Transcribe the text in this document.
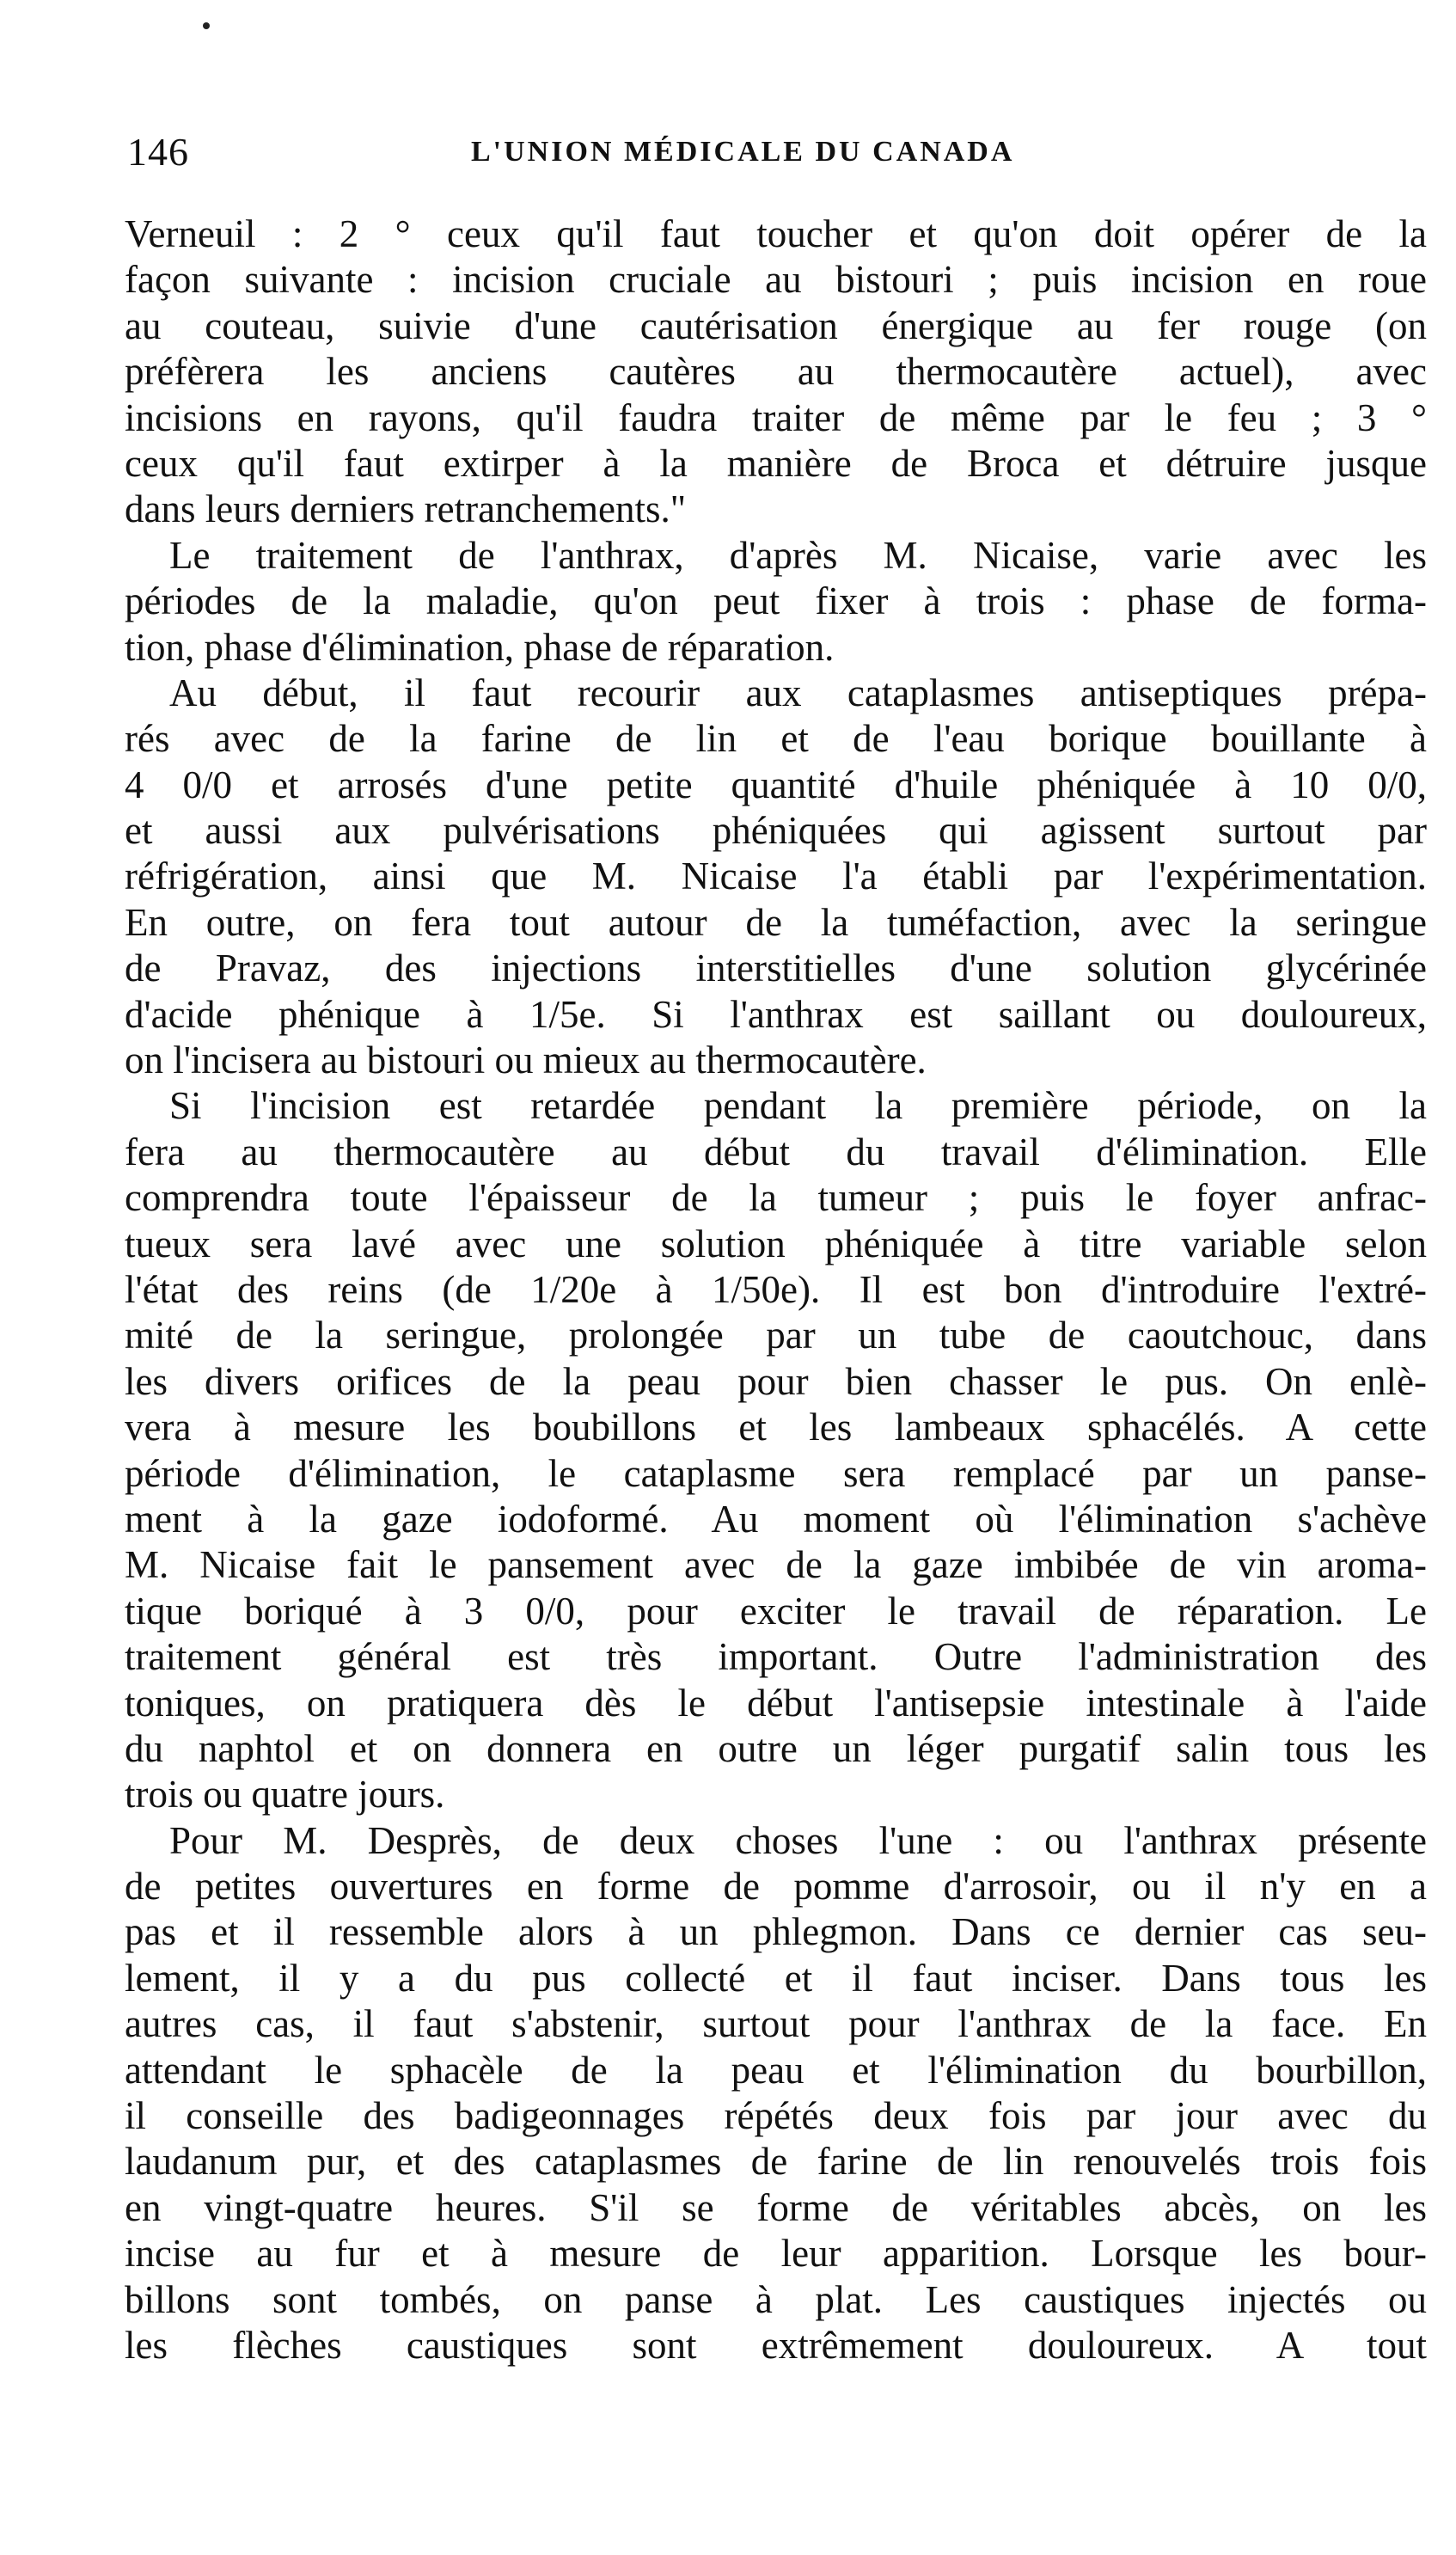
146	L'UNION MÉDICALE DU CANADA
Verneuil : 2 ° ceux qu'il faut toucher et qu'on doit opérer de la
façon suivante : incision cruciale au bistouri ; puis incision en roue
au couteau, suivie d'une cautérisation énergique au fer rouge (on
préfèrera les anciens cautères au thermocautère actuel), avec
incisions en rayons, qu'il faudra traiter de même par le feu ; 3 °
ceux qu'il faut extirper à la manière de Broca et détruire jusque
dans leurs derniers retranchements."
Le traitement de l'anthrax, d'après M. Nicaise, varie avec les
périodes de la maladie, qu'on peut fixer à trois : phase de forma-
tion, phase d'élimination, phase de réparation.
Au début, il faut recourir aux cataplasmes antiseptiques prépa-
rés avec de la farine de lin et de l'eau borique bouillante à
4 0/0 et arrosés d'une petite quantité d'huile phéniquée à 10 0/0,
et aussi aux pulvérisations phéniquées qui agissent surtout par
réfrigération, ainsi que M. Nicaise l'a établi par l'expérimentation.
En outre, on fera tout autour de la tuméfaction, avec la seringue
de Pravaz, des injections interstitielles d'une solution glycérinée
d'acide phénique à 1/5e. Si l'anthrax est saillant ou douloureux,
on l'incisera au bistouri ou mieux au thermocautère.
Si l'incision est retardée pendant la première période, on la
fera au thermocautère au début du travail d'élimination. Elle
comprendra toute l'épaisseur de la tumeur ; puis le foyer anfrac-
tueux sera lavé avec une solution phéniquée à titre variable selon
l'état des reins (de 1/20e à 1/50e). Il est bon d'introduire l'extré-
mité de la seringue, prolongée par un tube de caoutchouc, dans
les divers orifices de la peau pour bien chasser le pus. On enlè-
vera à mesure les boubillons et les lambeaux sphacélés. A cette
période d'élimination, le cataplasme sera remplacé par un panse-
ment à la gaze iodoformé. Au moment où l'élimination s'achève
M. Nicaise fait le pansement avec de la gaze imbibée de vin aroma-
tique boriqué à 3 0/0, pour exciter le travail de réparation. Le
traitement général est très important. Outre l'administration des
toniques, on pratiquera dès le début l'antisepsie intestinale à l'aide
du naphtol et on donnera en outre un léger purgatif salin tous les
trois ou quatre jours.
Pour M. Desprès, de deux choses l'une : ou l'anthrax présente
de petites ouvertures en forme de pomme d'arrosoir, ou il n'y en a
pas et il ressemble alors à un phlegmon. Dans ce dernier cas seu-
lement, il y a du pus collecté et il faut inciser. Dans tous les
autres cas, il faut s'abstenir, surtout pour l'anthrax de la face. En
attendant le sphacèle de la peau et l'élimination du bourbillon,
il conseille des badigeonnages répétés deux fois par jour avec du
laudanum pur, et des cataplasmes de farine de lin renouvelés trois fois
en vingt-quatre heures. S'il se forme de véritables abcès, on les
incise au fur et à mesure de leur apparition. Lorsque les bour-
billons sont tombés, on panse à plat. Les caustiques injectés ou
les flèches caustiques sont extrêmement douloureux. A tout
